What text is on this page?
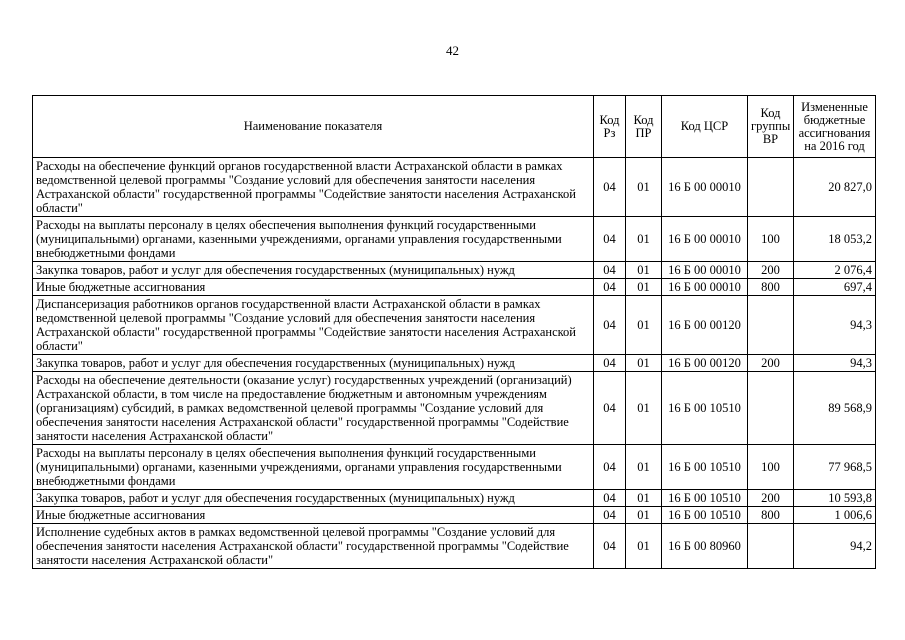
42
Наименование показателя	Код Рз	Код ПР	Код ЦСР	Код группы ВР	Измененные бюджетные ассигнования на 2016 год
Расходы на обеспечение функций органов государственной власти Астраханской области в рамках ведомственной целевой программы "Создание условий для обеспечения занятости населения Астраханской области" государственной программы "Содействие занятости населения Астраханской области"	04	01	16 Б 00 00010		20 827,0
Расходы на выплаты персоналу в целях обеспечения выполнения функций государственными (муниципальными) органами, казенными учреждениями, органами управления государственными внебюджетными фондами	04	01	16 Б 00 00010	100	18 053,2
Закупка товаров, работ и услуг для обеспечения государственных (муниципальных) нужд	04	01	16 Б 00 00010	200	2 076,4
Иные бюджетные ассигнования	04	01	16 Б 00 00010	800	697,4
Диспансеризация работников органов государственной власти Астраханской области в рамках ведомственной целевой программы "Создание условий для обеспечения занятости населения Астраханской области" государственной программы "Содействие занятости населения Астраханской области"	04	01	16 Б 00 00120		94,3
Закупка товаров, работ и услуг для обеспечения государственных (муниципальных) нужд	04	01	16 Б 00 00120	200	94,3
Расходы на обеспечение деятельности (оказание услуг) государственных учреждений (организаций) Астраханской области, в том числе на предоставление бюджетным и автономным учреждениям (организациям) субсидий, в рамках ведомственной целевой программы "Создание условий для обеспечения занятости населения Астраханской области" государственной программы "Содействие занятости населения Астраханской области"	04	01	16 Б 00 10510		89 568,9
Расходы на выплаты персоналу в целях обеспечения выполнения функций государственными (муниципальными) органами, казенными учреждениями, органами управления государственными внебюджетными фондами	04	01	16 Б 00 10510	100	77 968,5
Закупка товаров, работ и услуг для обеспечения государственных (муниципальных) нужд	04	01	16 Б 00 10510	200	10 593,8
Иные бюджетные ассигнования	04	01	16 Б 00 10510	800	1 006,6
Исполнение судебных актов в рамках ведомственной целевой программы "Создание условий для обеспечения занятости населения Астраханской области" государственной программы "Содействие занятости населения Астраханской области"	04	01	16 Б 00 80960		94,2
